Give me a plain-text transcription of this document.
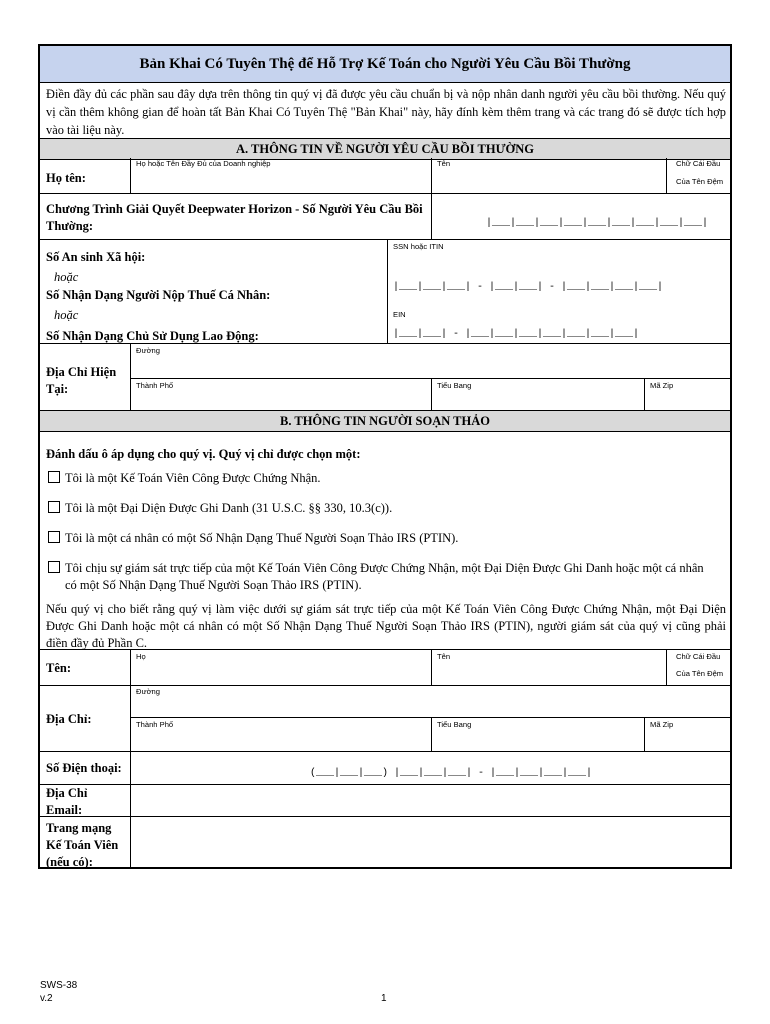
Bản Khai Có Tuyên Thệ để Hỗ Trợ Kế Toán cho Người Yêu Cầu Bồi Thường
Điền đầy đủ các phần sau đây dựa trên thông tin quý vị đã được yêu cầu chuẩn bị và nộp nhân danh người yêu cầu bồi thường. Nếu quý vị cần thêm không gian để hoàn tất Bản Khai Có Tuyên Thệ "Bản Khai" này, hãy đính kèm thêm trang và các trang đó sẽ được tích hợp vào tài liệu này.
A. THÔNG TIN VỀ NGƯỜI YÊU CẦU BỒI THƯỜNG
Họ tên:
Họ hoặc Tên Đầy Đủ của Doanh nghiệp	Tên	Chữ Cái Đầu
Của Tên Đệm
Chương Trình Giải Quyết Deepwater Horizon - Số Người Yêu Cầu Bồi Thường:	|___|___|___|___|___|___|___|___|___|
Số An sinh Xã hội:
hoặc
Số Nhận Dạng Người Nộp Thuế Cá Nhân:
hoặc
Số Nhận Dạng Chủ Sử Dụng Lao Động:
SSN hoặc ITIN
|___|___|___| - |___|___| - |___|___|___|___|
EIN
|___|___| - |___|___|___|___|___|___|___|
Địa Chỉ Hiện Tại:
Đường
Thành Phố	Tiểu Bang	Mã Zip
B. THÔNG TIN NGƯỜI SOẠN THẢO
Đánh dấu ô áp dụng cho quý vị. Quý vị chỉ được chọn một:
Tôi là một Kế Toán Viên Công Được Chứng Nhận.
Tôi là một Đại Diện Được Ghi Danh (31 U.S.C. §§ 330, 10.3(c)).
Tôi là một cá nhân có một Số Nhận Dạng Thuế Người Soạn Thảo IRS (PTIN).
Tôi chịu sự giám sát trực tiếp của một Kế Toán Viên Công Được Chứng Nhận, một Đại Diện Được Ghi Danh hoặc một cá nhân có một Số Nhận Dạng Thuế Người Soạn Thảo IRS (PTIN).
Nếu quý vị cho biết rằng quý vị làm việc dưới sự giám sát trực tiếp của một Kế Toán Viên Công Được Chứng Nhận, một Đại Diện Được Ghi Danh hoặc một cá nhân có một Số Nhận Dạng Thuế Người Soạn Thảo IRS (PTIN), người giám sát của quý vị cũng phải điền đầy đủ Phần C.
Tên:
Họ	Tên	Chữ Cái Đầu
Của Tên Đệm
Địa Chỉ:
Đường
Thành Phố	Tiểu Bang	Mã Zip
Số Điện thoại:	(___|___|___) |___|___|___| - |___|___|___|___|
Địa Chỉ Email:
Trang mạng Kế Toán Viên (nếu có):
SWS-38
v.2	1
